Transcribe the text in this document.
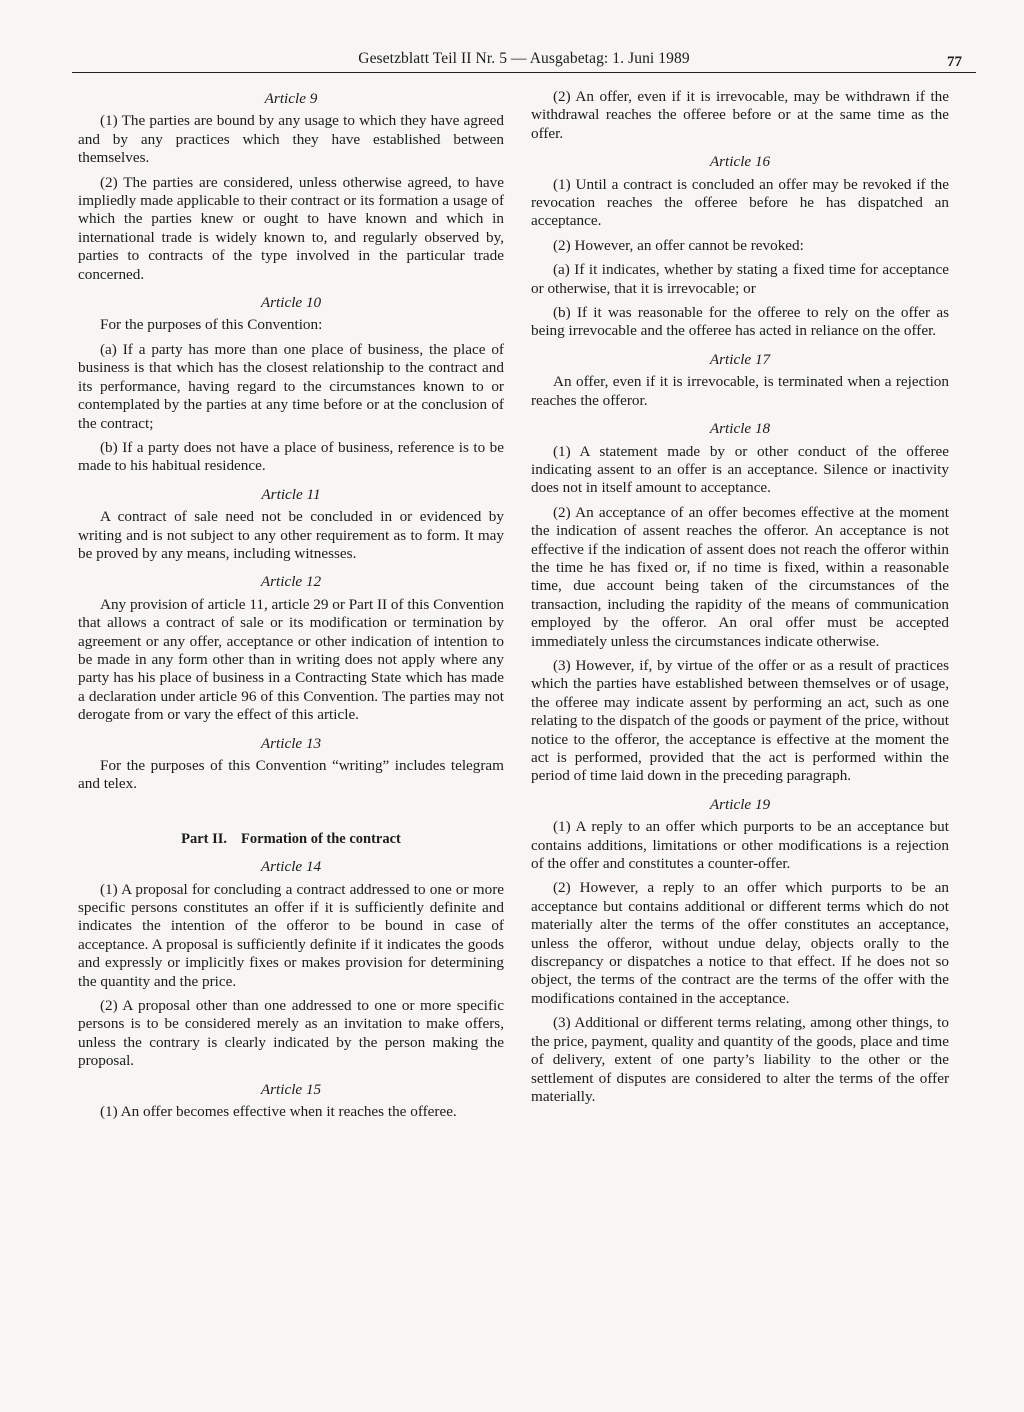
Gesetzblatt Teil II Nr. 5 — Ausgabetag: 1. Juni 1989	77
Article 9

(1) The parties are bound by any usage to which they have agreed and by any practices which they have established between themselves.

(2) The parties are considered, unless otherwise agreed, to have impliedly made applicable to their contract or its formation a usage of which the parties knew or ought to have known and which in international trade is widely known to, and regularly observed by, parties to contracts of the type involved in the particular trade concerned.

Article 10

For the purposes of this Convention:

(a) If a party has more than one place of business, the place of business is that which has the closest relationship to the contract and its performance, having regard to the circumstances known to or contemplated by the parties at any time before or at the conclusion of the contract;

(b) If a party does not have a place of business, reference is to be made to his habitual residence.

Article 11

A contract of sale need not be concluded in or evidenced by writing and is not subject to any other requirement as to form. It may be proved by any means, including witnesses.

Article 12

Any provision of article 11, article 29 or Part II of this Convention that allows a contract of sale or its modification or termination by agreement or any offer, acceptance or other indication of intention to be made in any form other than in writing does not apply where any party has his place of business in a Contracting State which has made a declaration under article 96 of this Convention. The parties may not derogate from or vary the effect of this article.

Article 13

For the purposes of this Convention “writing” includes telegram and telex.

Part II. Formation of the contract
Article 14

(1) A proposal for concluding a contract addressed to one or more specific persons constitutes an offer if it is sufficiently definite and indicates the intention of the offeror to be bound in case of acceptance. A proposal is sufficiently definite if it indicates the goods and expressly or implicitly fixes or makes provision for determining the quantity and the price.

(2) A proposal other than one addressed to one or more specific persons is to be considered merely as an invitation to make offers, unless the contrary is clearly indicated by the person making the proposal.

Article 15

(1) An offer becomes effective when it reaches the offeree.

(2) An offer, even if it is irrevocable, may be withdrawn if the withdrawal reaches the offeree before or at the same time as the offer.

Article 16

(1) Until a contract is concluded an offer may be revoked if the revocation reaches the offeree before he has dispatched an acceptance.

(2) However, an offer cannot be revoked:

(a) If it indicates, whether by stating a fixed time for acceptance or otherwise, that it is irrevocable; or

(b) If it was reasonable for the offeree to rely on the offer as being irrevocable and the offeree has acted in reliance on the offer.

Article 17

An offer, even if it is irrevocable, is terminated when a rejection reaches the offeror.

Article 18

(1) A statement made by or other conduct of the offeree indicating assent to an offer is an acceptance. Silence or inactivity does not in itself amount to acceptance.

(2) An acceptance of an offer becomes effective at the moment the indication of assent reaches the offeror. An acceptance is not effective if the indication of assent does not reach the offeror within the time he has fixed or, if no time is fixed, within a reasonable time, due account being taken of the circumstances of the transaction, including the rapidity of the means of communication employed by the offeror. An oral offer must be accepted immediately unless the circumstances indicate otherwise.

(3) However, if, by virtue of the offer or as a result of practices which the parties have established between themselves or of usage, the offeree may indicate assent by performing an act, such as one relating to the dispatch of the goods or payment of the price, without notice to the offeror, the acceptance is effective at the moment the act is performed, provided that the act is performed within the period of time laid down in the preceding paragraph.

Article 19

(1) A reply to an offer which purports to be an acceptance but contains additions, limitations or other modifications is a rejection of the offer and constitutes a counter-offer.

(2) However, a reply to an offer which purports to be an acceptance but contains additional or different terms which do not materially alter the terms of the offer constitutes an acceptance, unless the offeror, without undue delay, objects orally to the discrepancy or dispatches a notice to that effect. If he does not so object, the terms of the contract are the terms of the offer with the modifications contained in the acceptance.

(3) Additional or different terms relating, among other things, to the price, payment, quality and quantity of the goods, place and time of delivery, extent of one party’s liability to the other or the settlement of disputes are considered to alter the terms of the offer materially.
